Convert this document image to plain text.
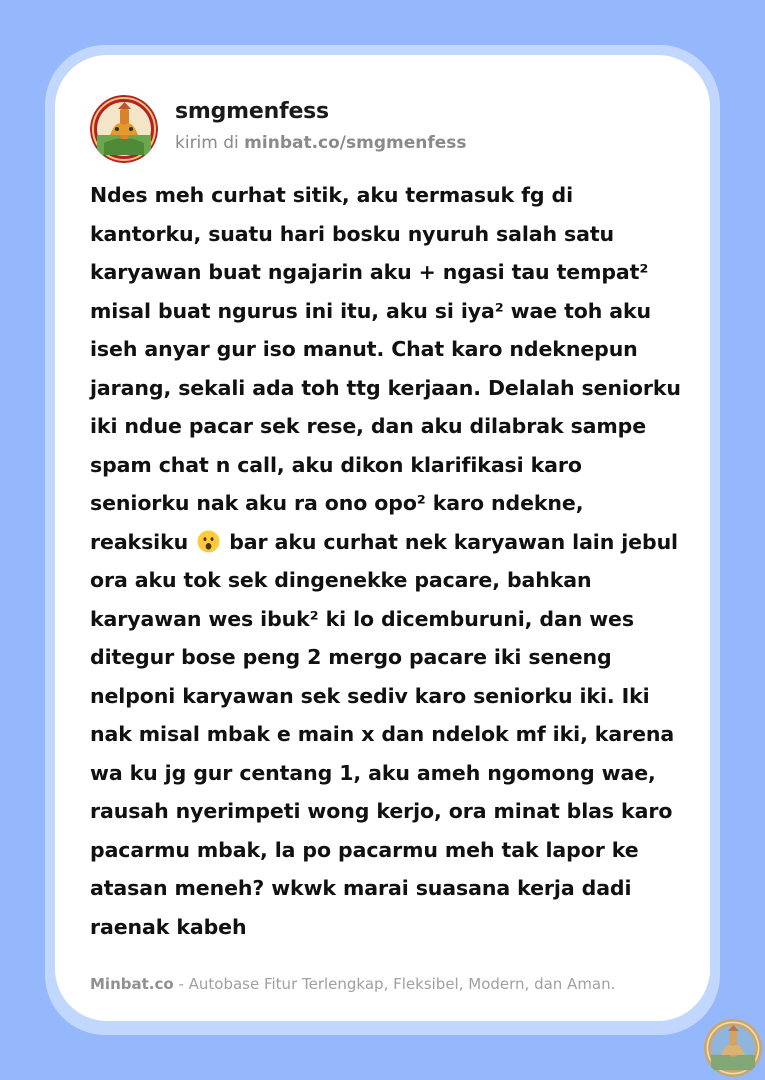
smgmenfess
kirim di minbat.co/smgmenfess
Ndes meh curhat sitik, aku termasuk fg di
kantorku, suatu hari bosku nyuruh salah satu
karyawan buat ngajarin aku + ngasi tau tempat²
misal buat ngurus ini itu, aku si iya² wae toh aku
iseh anyar gur iso manut. Chat karo ndeknepun
jarang, sekali ada toh ttg kerjaan. Delalah seniorku
iki ndue pacar sek rese, dan aku dilabrak sampe
spam chat n call, aku dikon klarifikasi karo
seniorku nak aku ra ono opo² karo ndekne,
reaksiku  bar aku curhat nek karyawan lain jebul
ora aku tok sek dingenekke pacare, bahkan
karyawan wes ibuk² ki lo dicemburuni, dan wes
ditegur bose peng 2 mergo pacare iki seneng
nelponi karyawan sek sediv karo seniorku iki. Iki
nak misal mbak e main x dan ndelok mf iki, karena
wa ku jg gur centang 1, aku ameh ngomong wae,
rausah nyerimpeti wong kerjo, ora minat blas karo
pacarmu mbak, la po pacarmu meh tak lapor ke
atasan meneh? wkwk marai suasana kerja dadi
raenak kabeh
Minbat.co - Autobase Fitur Terlengkap, Fleksibel, Modern, dan Aman.
